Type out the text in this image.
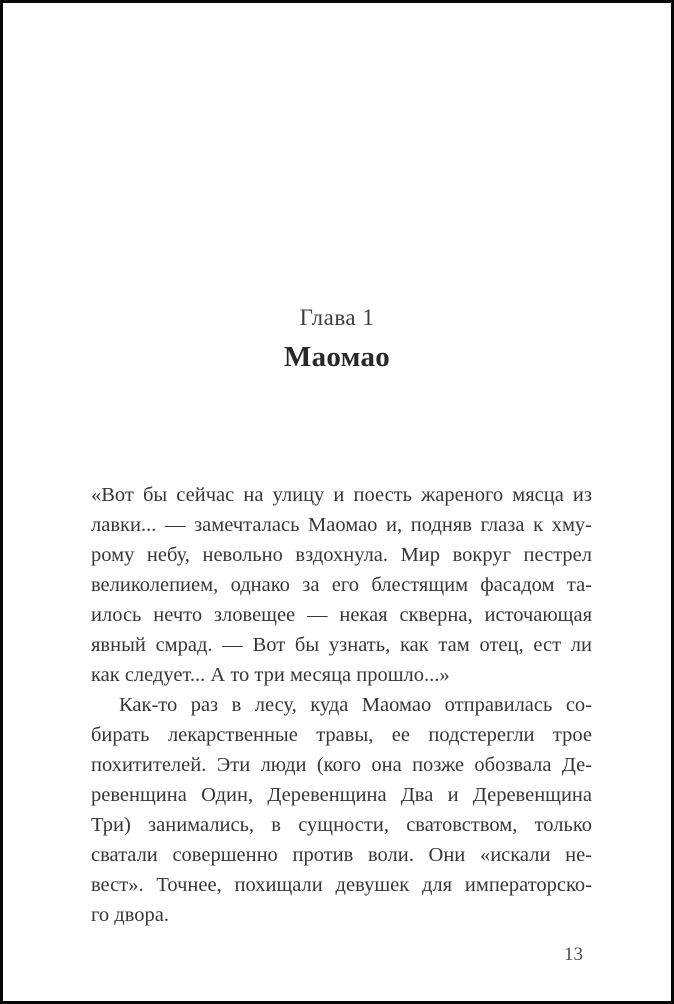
Глава 1
Маомао
«Вот бы сейчас на улицу и поесть жареного мясца из
лавки... — замечталась Маомао и, подняв глаза к хму-
рому небу, невольно вздохнула. Мир вокруг пестрел
великолепием, однако за его блестящим фасадом та-
илось нечто зловещее — некая скверна, источающая
явный смрад. — Вот бы узнать, как там отец, ест ли
как следует... А то три месяца прошло...»
Как-то раз в лесу, куда Маомао отправилась со-
бирать лекарственные травы, ее подстерегли трое
похитителей. Эти люди (кого она позже обозвала Де-
ревенщина Один, Деревенщина Два и Деревенщина
Три) занимались, в сущности, сватовством, только
сватали совершенно против воли. Они «искали не-
вест». Точнее, похищали девушек для императорско-
го двора.
13
